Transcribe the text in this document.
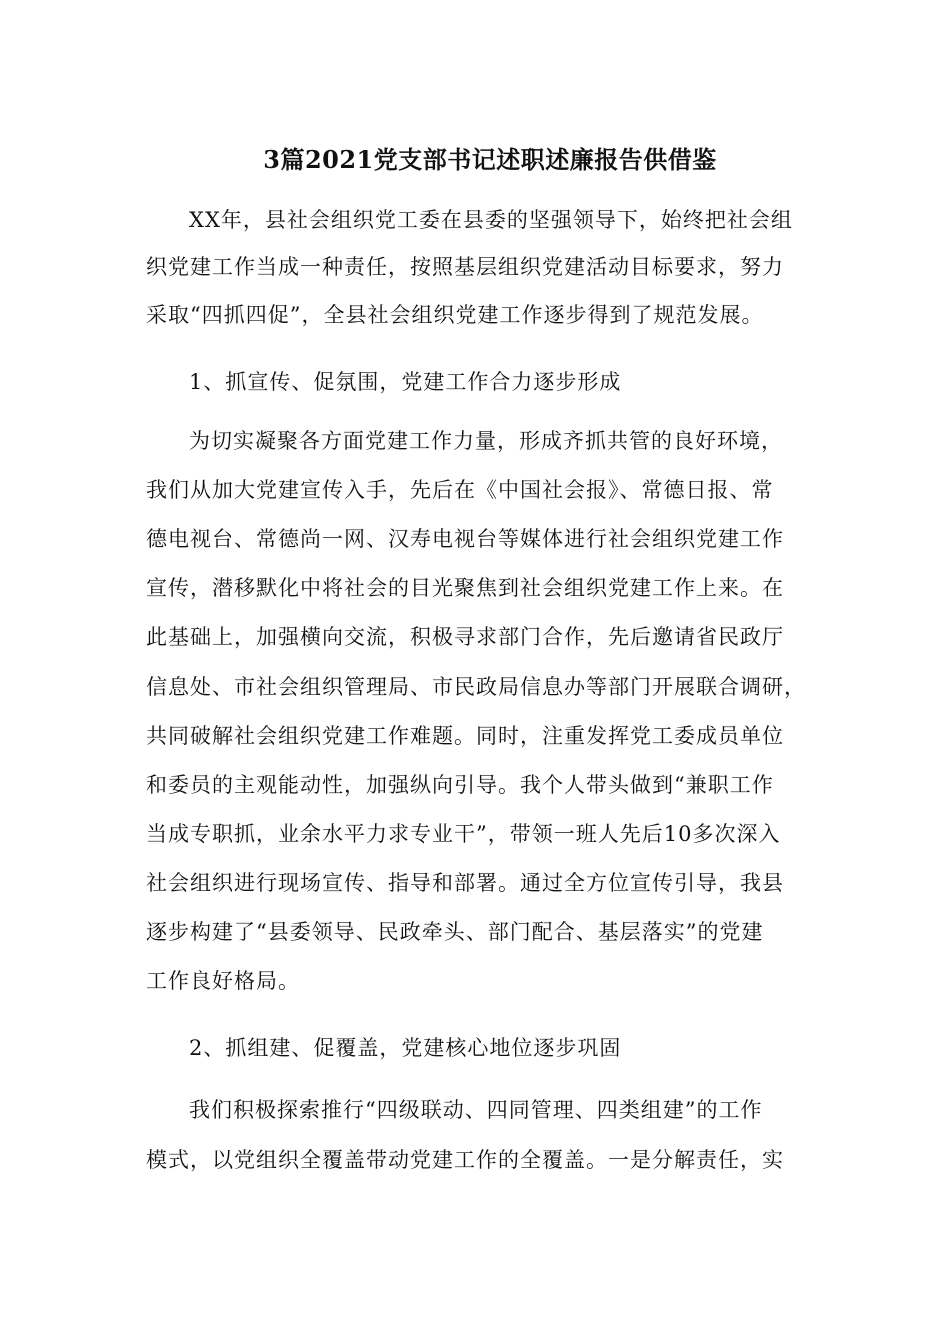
3篇2021党支部书记述职述廉报告供借鉴
XX年，县社会组织党工委在县委的坚强领导下，始终把社会组
织党建工作当成一种责任，按照基层组织党建活动目标要求，努力
采取“四抓四促”，全县社会组织党建工作逐步得到了规范发展。
1、抓宣传、促氛围，党建工作合力逐步形成
为切实凝聚各方面党建工作力量，形成齐抓共管的良好环境，
我们从加大党建宣传入手，先后在《中国社会报》、常德日报、常
德电视台、常德尚一网、汉寿电视台等媒体进行社会组织党建工作
宣传，潜移默化中将社会的目光聚焦到社会组织党建工作上来。在
此基础上，加强横向交流，积极寻求部门合作，先后邀请省民政厅
信息处、市社会组织管理局、市民政局信息办等部门开展联合调研，
共同破解社会组织党建工作难题。同时，注重发挥党工委成员单位
和委员的主观能动性，加强纵向引导。我个人带头做到“兼职工作
当成专职抓，业余水平力求专业干”，带领一班人先后10多次深入
社会组织进行现场宣传、指导和部署。通过全方位宣传引导，我县
逐步构建了“县委领导、民政牵头、部门配合、基层落实”的党建
工作良好格局。
2、抓组建、促覆盖，党建核心地位逐步巩固
我们积极探索推行“四级联动、四同管理、四类组建”的工作
模式，以党组织全覆盖带动党建工作的全覆盖。一是分解责任，实
